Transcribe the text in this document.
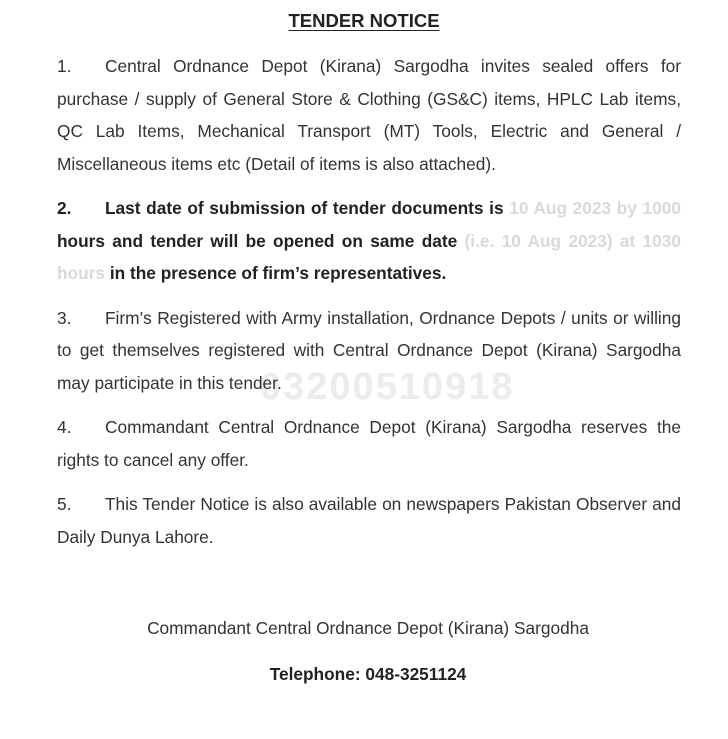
TENDER NOTICE
03200510918

1. Central Ordnance Depot (Kirana) Sargodha invites sealed offers for purchase / supply of General Store & Clothing (GS&C) items, HPLC Lab items, QC Lab Items, Mechanical Transport (MT) Tools, Electric and General / Miscellaneous items etc (Detail of items is also attached).

2. Last date of submission of tender documents is 10 Aug 2023 by 1000 hours and tender will be opened on same date (i.e. 10 Aug 2023) at 1030 hours in the presence of firm’s representatives.

3. Firm’s Registered with Army installation, Ordnance Depots / units or willing to get themselves registered with Central Ordnance Depot (Kirana) Sargodha may participate in this tender.

4. Commandant Central Ordnance Depot (Kirana) Sargodha reserves the rights to cancel any offer.

5. This Tender Notice is also available on newspapers Pakistan Observer and Daily Dunya Lahore.

Commandant Central Ordnance Depot (Kirana) Sargodha
Telephone: 048-3251124
